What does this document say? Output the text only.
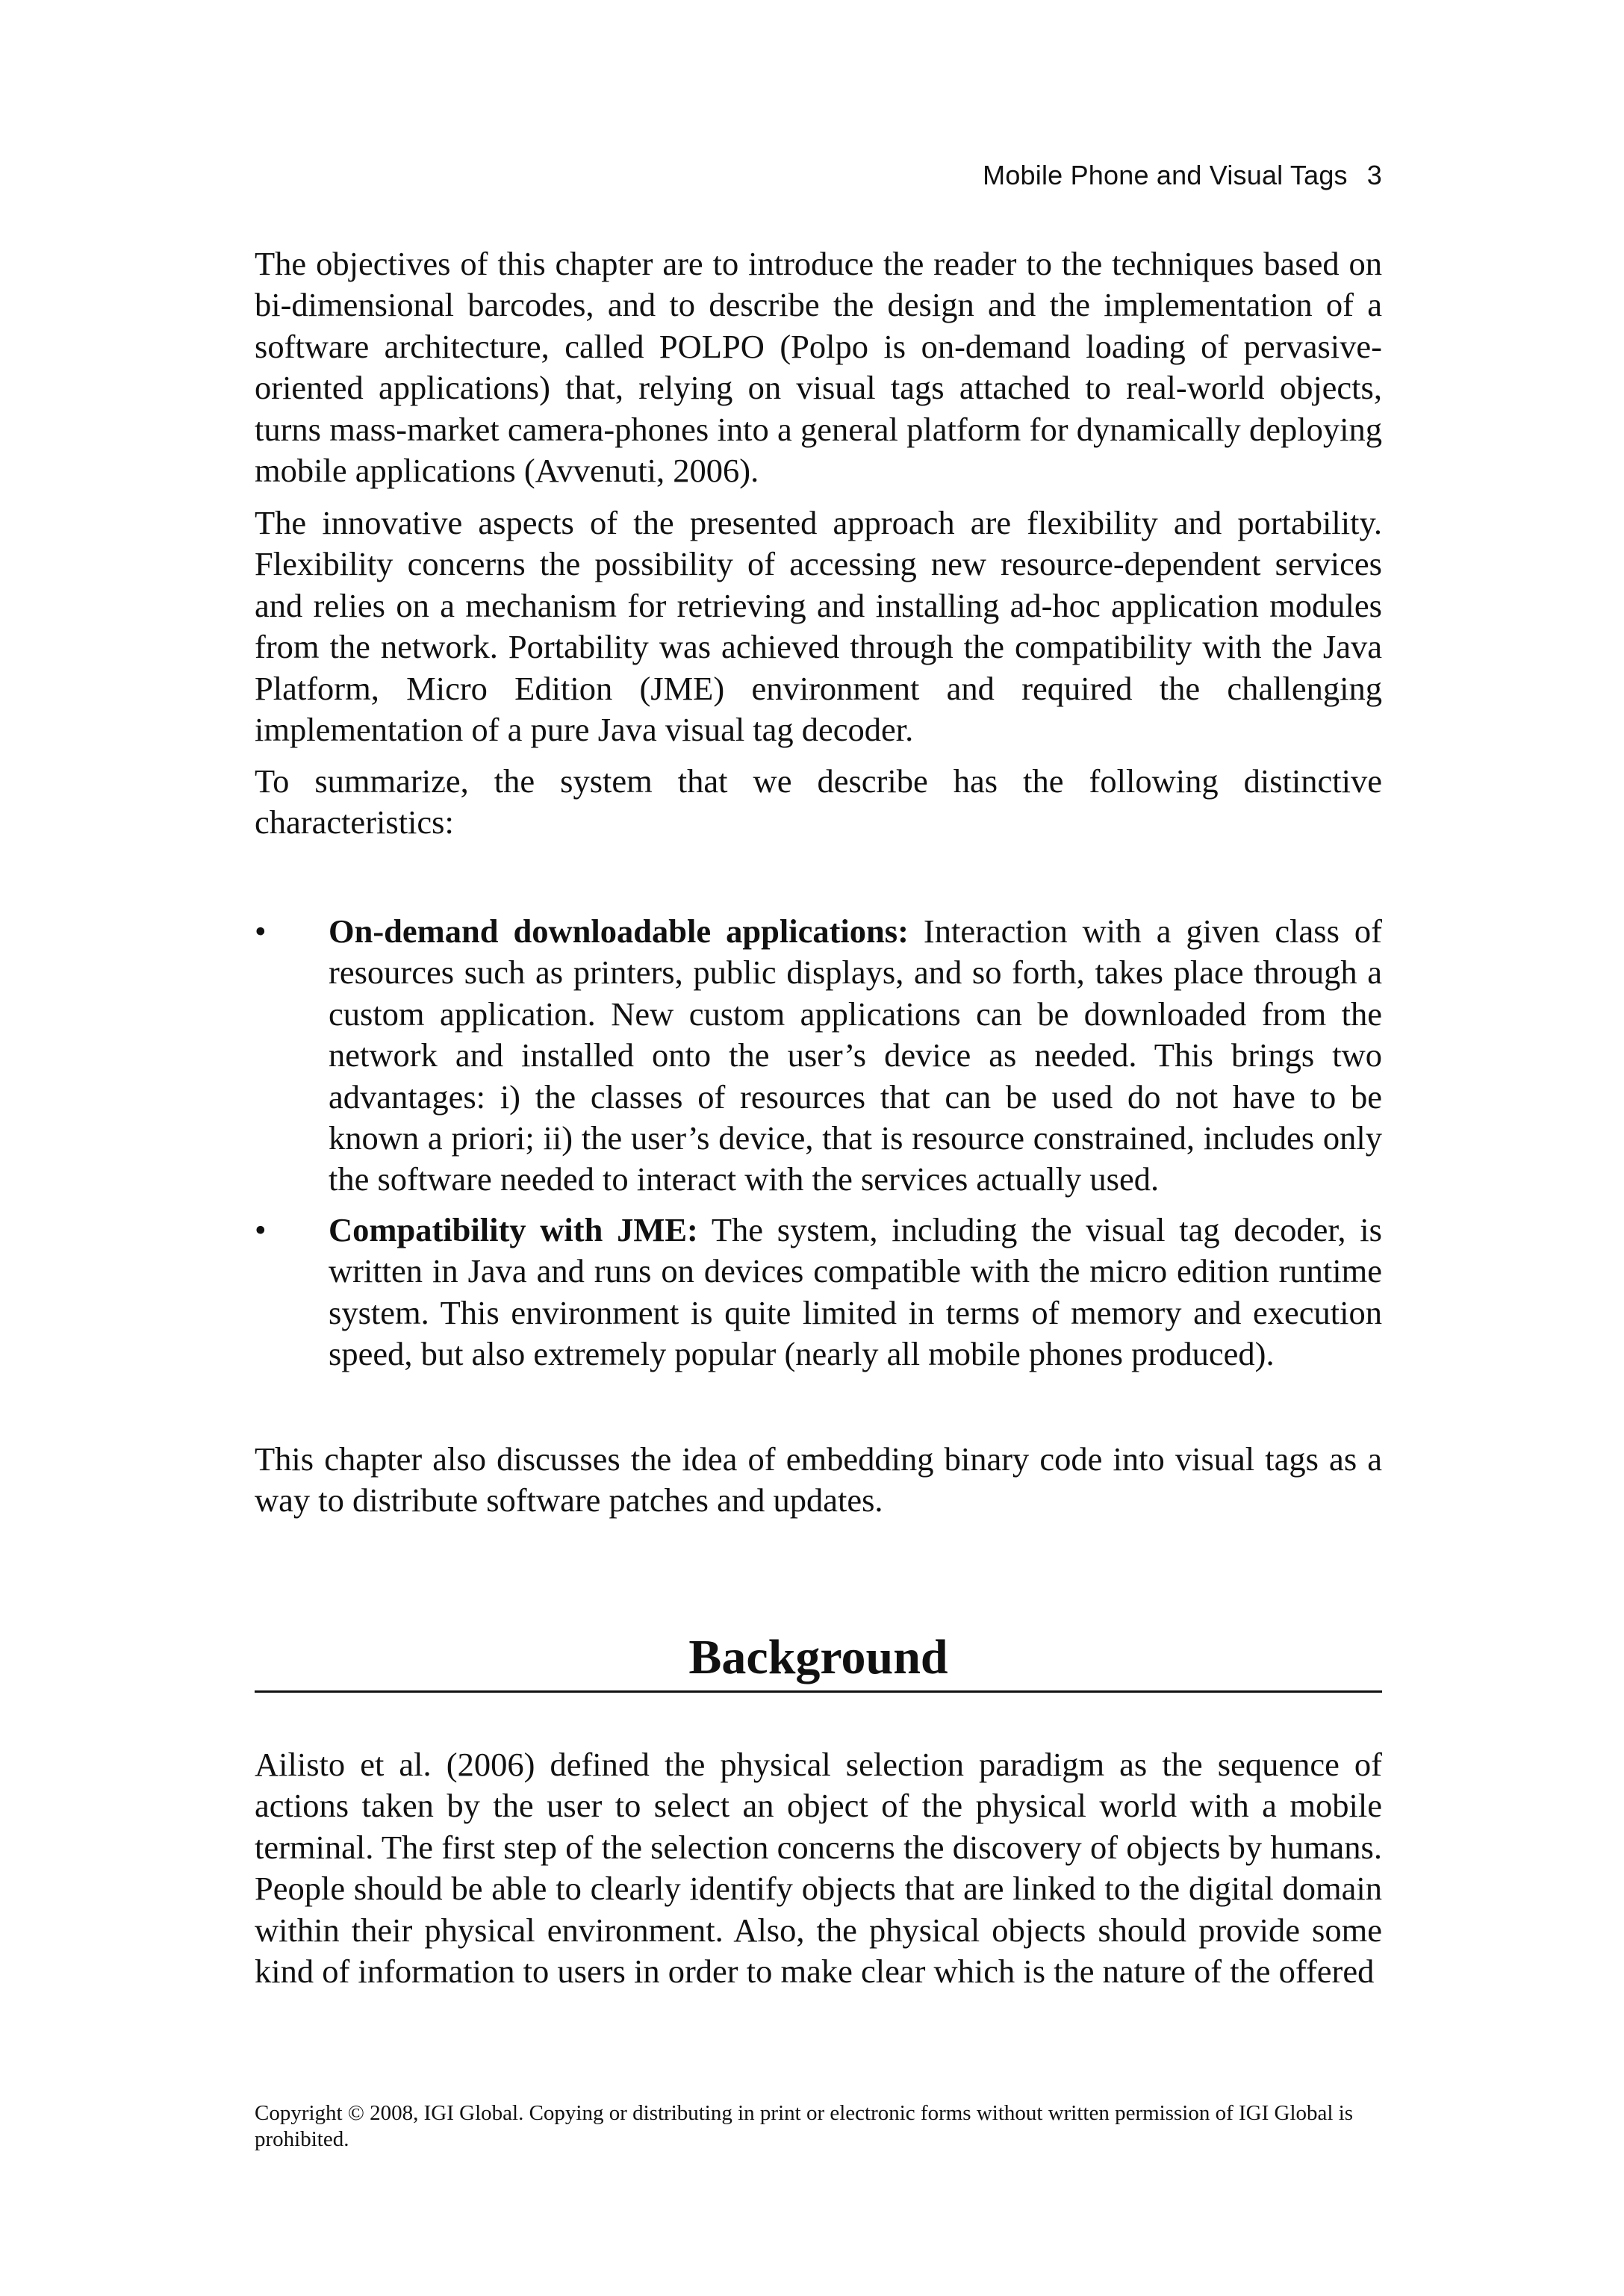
Mobile Phone and Visual Tags 3

The objectives of this chapter are to introduce the reader to the techniques based on bi-dimensional barcodes, and to describe the design and the implementation of a software architecture, called POLPO (Polpo is on-demand loading of pervasive-oriented applications) that, relying on visual tags attached to real-world objects, turns mass-market camera-phones into a general platform for dynamically deploying mobile applications (Avvenuti, 2006).

The innovative aspects of the presented approach are flexibility and portability. Flexibility concerns the possibility of accessing new resource-dependent services and relies on a mechanism for retrieving and installing ad-hoc application modules from the network. Portability was achieved through the compatibility with the Java Platform, Micro Edition (JME) environment and required the challenging implementation of a pure Java visual tag decoder.

To summarize, the system that we describe has the following distinctive characteristics:

•	On-demand downloadable applications: Interaction with a given class of resources such as printers, public displays, and so forth, takes place through a custom application. New custom applications can be downloaded from the network and installed onto the user’s device as needed. This brings two advantages: i) the classes of resources that can be used do not have to be known a priori; ii) the user’s device, that is resource constrained, includes only the software needed to interact with the services actually used.
•	Compatibility with JME: The system, including the visual tag decoder, is written in Java and runs on devices compatible with the micro edition runtime system. This environment is quite limited in terms of memory and execution speed, but also extremely popular (nearly all mobile phones produced).

This chapter also discusses the idea of embedding binary code into visual tags as a way to distribute software patches and updates.

Background

Ailisto et al. (2006) defined the physical selection paradigm as the sequence of actions taken by the user to select an object of the physical world with a mobile terminal. The first step of the selection concerns the discovery of objects by humans. People should be able to clearly identify objects that are linked to the digital domain within their physical environment. Also, the physical objects should provide some kind of information to users in order to make clear which is the nature of the offered

Copyright © 2008, IGI Global. Copying or distributing in print or electronic forms without written permission of IGI Global is prohibited.
